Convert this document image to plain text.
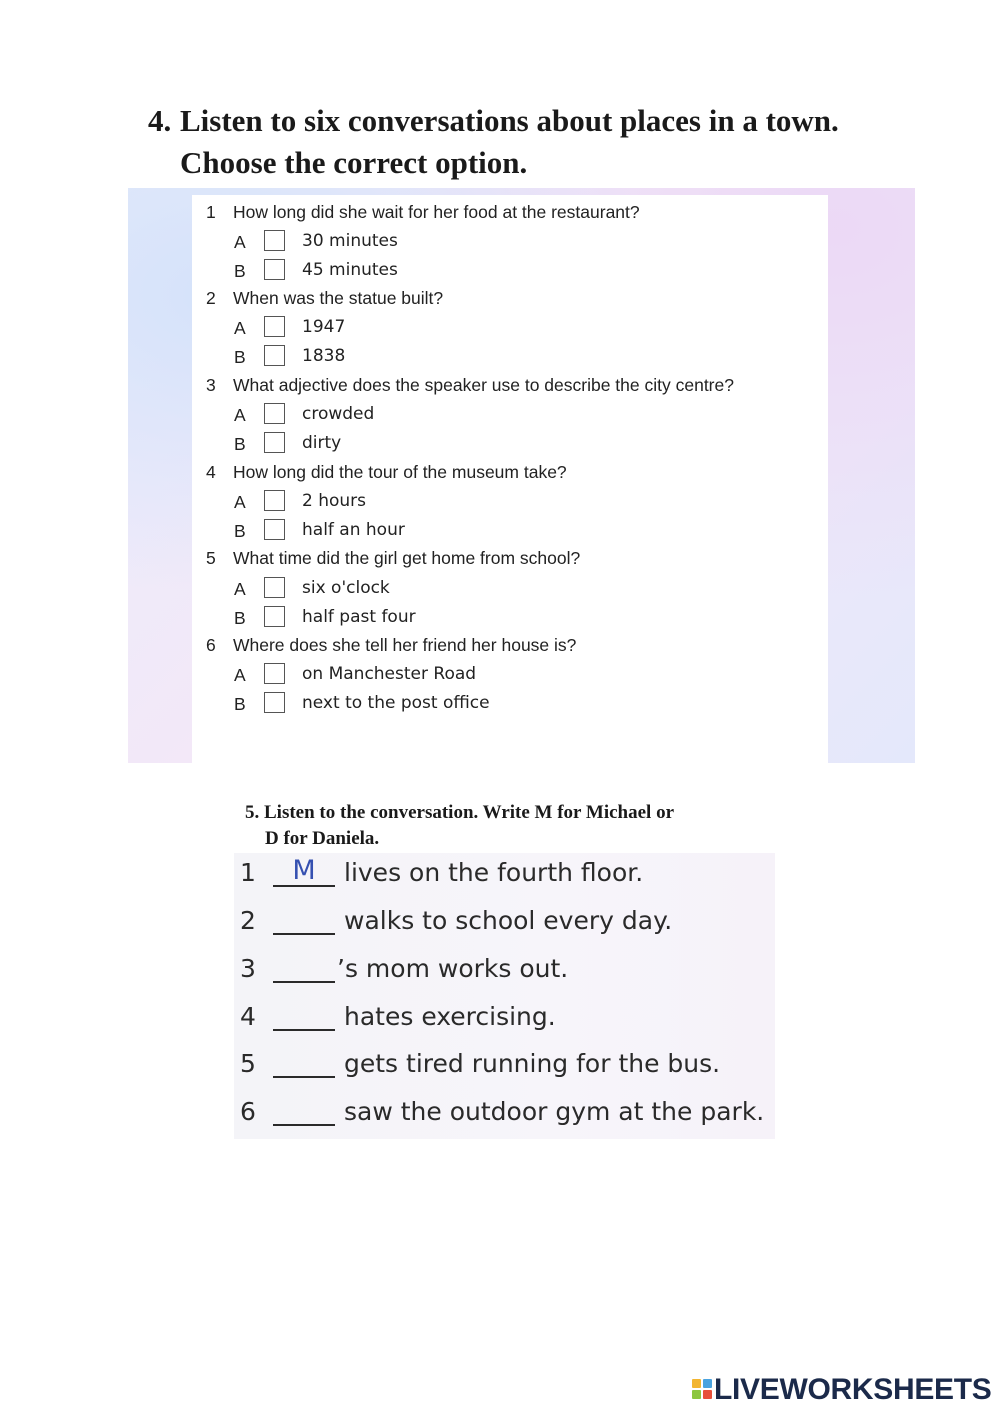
4. Listen to six conversations about places in a town.
Choose the correct option.
1 How long did she wait for her food at the restaurant?
A	30 minutes
B	45 minutes
2 When was the statue built?
A	1947
B	1838
3 What adjective does the speaker use to describe the city centre?
A	crowded
B	dirty
4 How long did the tour of the museum take?
A	2 hours
B	half an hour
5 What time did the girl get home from school?
A	six o'clock
B	half past four
6 Where does she tell her friend her house is?
A	on Manchester Road
B	next to the post office
5. Listen to the conversation. Write M for Michael or
D for Daniela.
1	M	lives on the fourth floor.
2	walks to school every day.
3	’s mom works out.
4	hates exercising.
5	gets tired running for the bus.
6	saw the outdoor gym at the park.
LIVEWORKSHEETS
